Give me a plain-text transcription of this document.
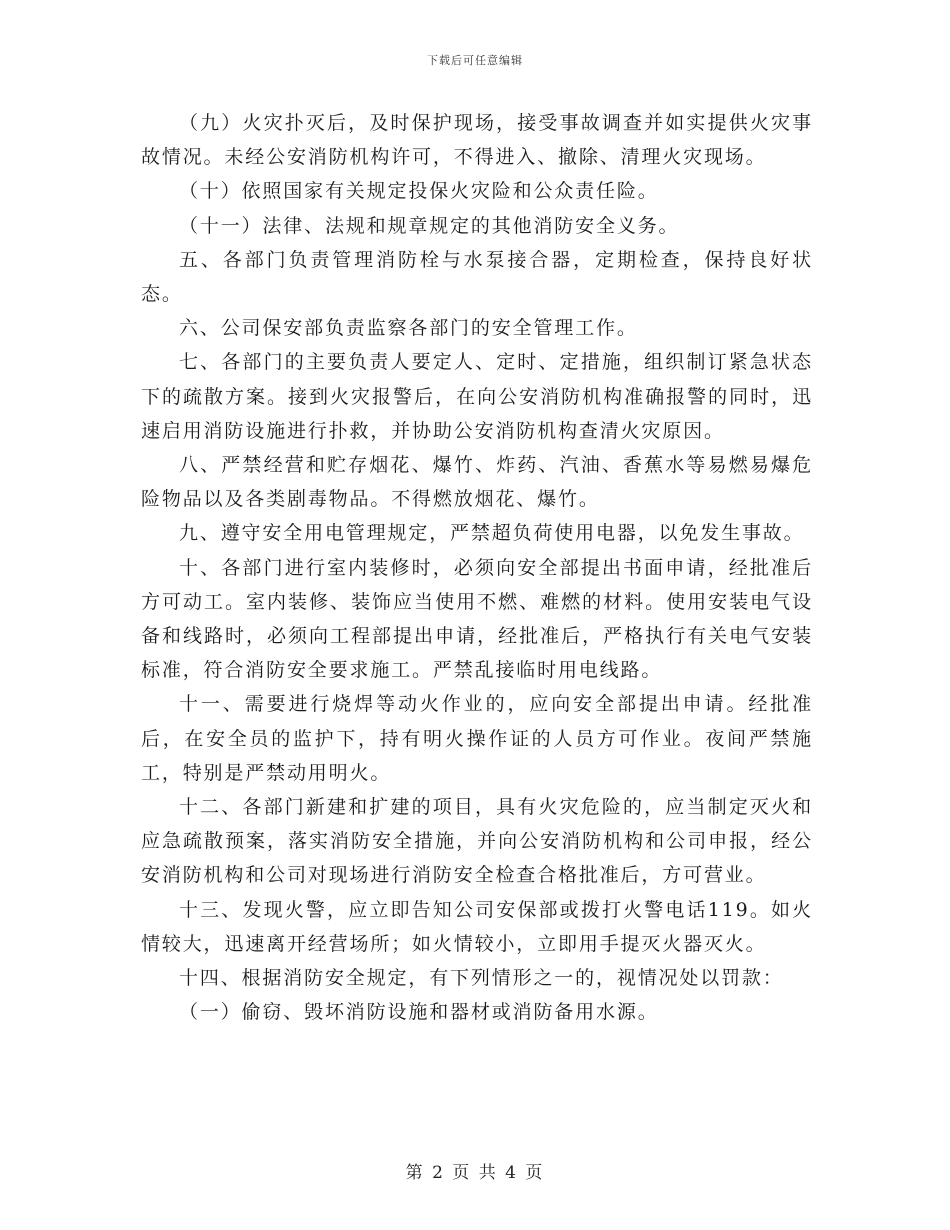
下载后可任意编辑

（九）火灾扑灭后，及时保护现场，接受事故调查并如实提供火灾事故情况。未经公安消防机构许可，不得进入、撤除、清理火灾现场。

（十）依照国家有关规定投保火灾险和公众责任险。

（十一）法律、法规和规章规定的其他消防安全义务。

五、各部门负责管理消防栓与水泵接合器，定期检查，保持良好状态。

六、公司保安部负责监察各部门的安全管理工作。

七、各部门的主要负责人要定人、定时、定措施，组织制订紧急状态下的疏散方案。接到火灾报警后，在向公安消防机构准确报警的同时，迅速启用消防设施进行扑救，并协助公安消防机构查清火灾原因。

八、严禁经营和贮存烟花、爆竹、炸药、汽油、香蕉水等易燃易爆危险物品以及各类剧毒物品。不得燃放烟花、爆竹。

九、遵守安全用电管理规定，严禁超负荷使用电器，以免发生事故。

十、各部门进行室内装修时，必须向安全部提出书面申请，经批准后方可动工。室内装修、装饰应当使用不燃、难燃的材料。使用安装电气设备和线路时，必须向工程部提出申请，经批准后，严格执行有关电气安装标准，符合消防安全要求施工。严禁乱接临时用电线路。

十一、需要进行烧焊等动火作业的，应向安全部提出申请。经批准后，在安全员的监护下，持有明火操作证的人员方可作业。夜间严禁施工，特别是严禁动用明火。

十二、各部门新建和扩建的项目，具有火灾危险的，应当制定灭火和应急疏散预案，落实消防安全措施，并向公安消防机构和公司申报，经公安消防机构和公司对现场进行消防安全检查合格批准后，方可营业。

十三、发现火警，应立即告知公司安保部或拨打火警电话119。如火情较大，迅速离开经营场所；如火情较小，立即用手提灭火器灭火。

十四、根据消防安全规定，有下列情形之一的，视情况处以罚款：

（一）偷窃、毁坏消防设施和器材或消防备用水源。

第 2 页 共 4 页
